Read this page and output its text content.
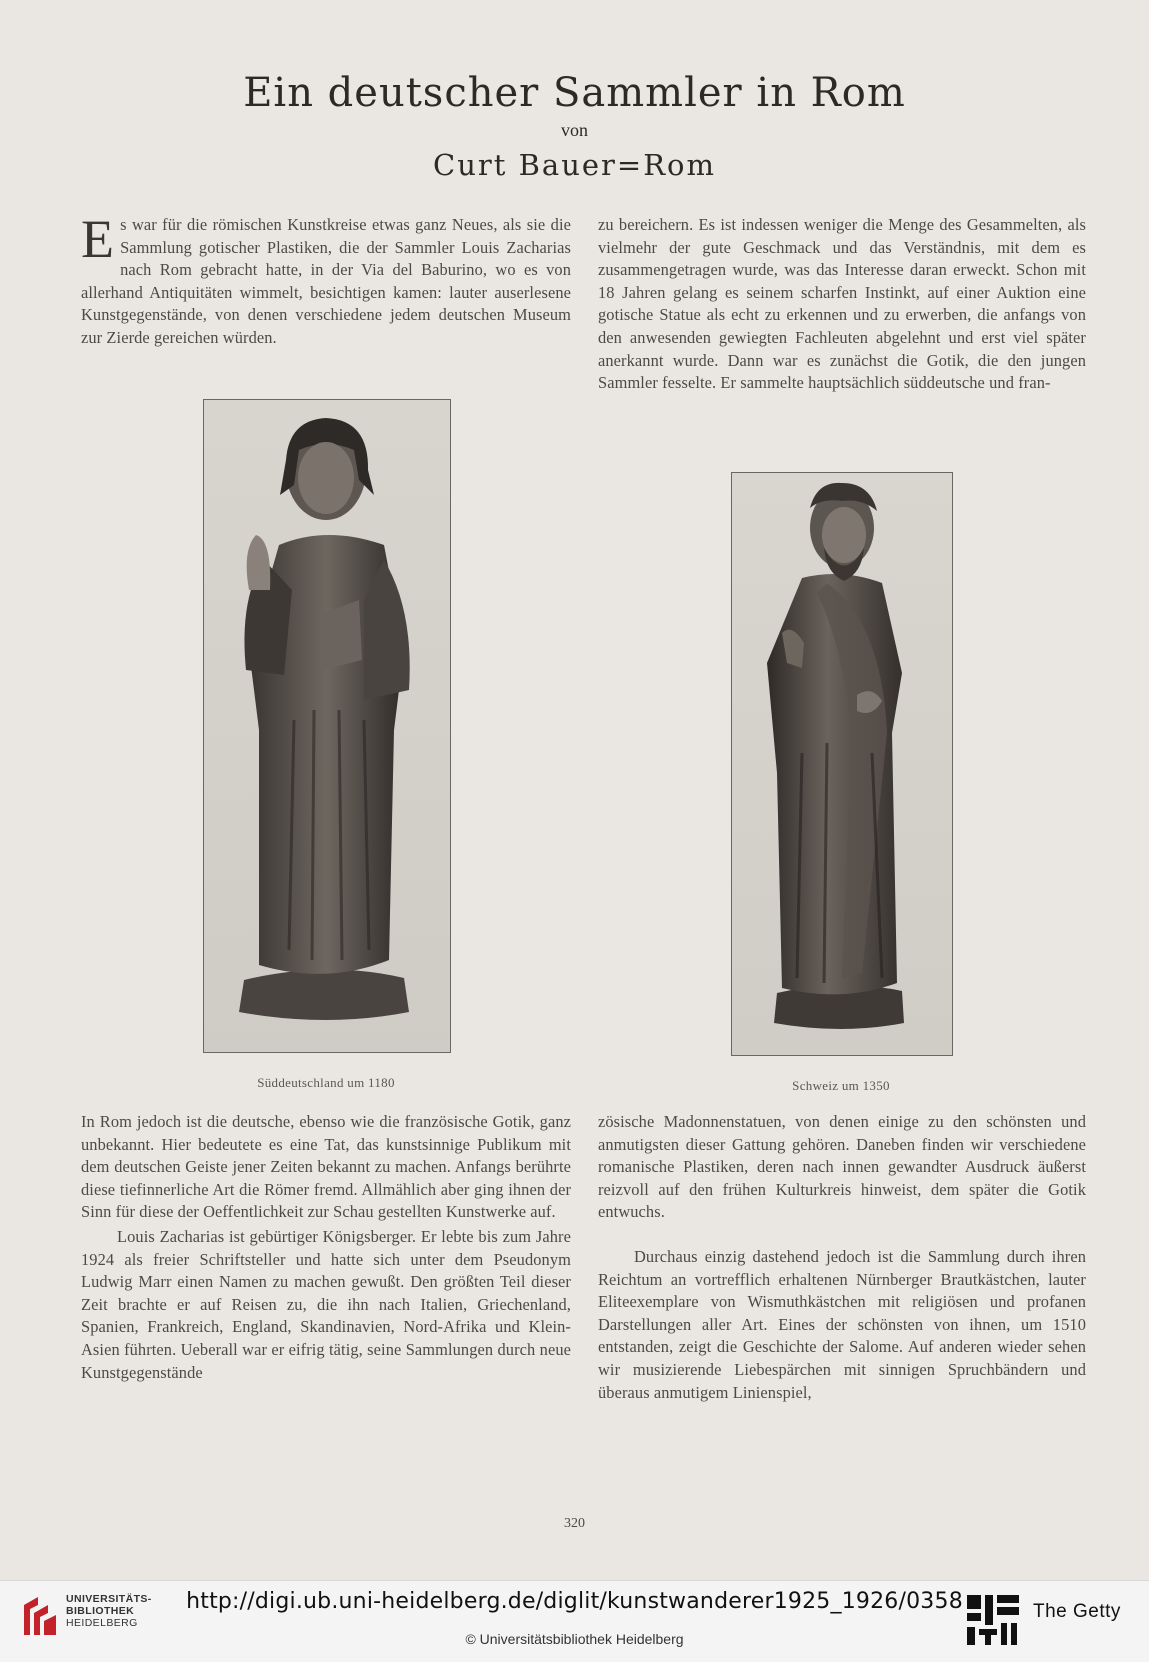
Ein deutscher Sammler in Rom
von
Curt Bauer=Rom

Es war für die römischen Kunstkreise etwas ganz Neues, als sie die Sammlung gotischer Plastiken, die der Sammler Louis Zacharias nach Rom gebracht hatte, in der Via del Baburino, wo es von allerhand Antiquitäten wimmelt, besichtigen kamen: lauter auserlesene Kunstgegenstände, von denen verschiedene jedem deutschen Museum zur Zierde gereichen würden.

zu bereichern. Es ist indessen weniger die Menge des Gesammelten, als vielmehr der gute Geschmack und das Verständnis, mit dem es zusammengetragen wurde, was das Interesse daran erweckt. Schon mit 18 Jahren gelang es seinem scharfen Instinkt, auf einer Auktion eine gotische Statue als echt zu erkennen und zu erwerben, die anfangs von den anwesenden gewiegten Fachleuten abgelehnt und erst viel später anerkannt wurde. Dann war es zunächst die Gotik, die den jungen Sammler fesselte. Er sammelte hauptsächlich süddeutsche und fran-

Süddeutschland um 1180	Schweiz um 1350

In Rom jedoch ist die deutsche, ebenso wie die französische Gotik, ganz unbekannt. Hier bedeutete es eine Tat, das kunstsinnige Publikum mit dem deutschen Geiste jener Zeiten bekannt zu machen. Anfangs berührte diese tiefinnerliche Art die Römer fremd. Allmählich aber ging ihnen der Sinn für diese der Oeffentlichkeit zur Schau gestellten Kunstwerke auf.

Louis Zacharias ist gebürtiger Königsberger. Er lebte bis zum Jahre 1924 als freier Schriftsteller und hatte sich unter dem Pseudonym Ludwig Marr einen Namen zu machen gewußt. Den größten Teil dieser Zeit brachte er auf Reisen zu, die ihn nach Italien, Griechenland, Spanien, Frankreich, England, Skandinavien, Nord-Afrika und Klein-Asien führten. Ueberall war er eifrig tätig, seine Sammlungen durch neue Kunstgegenstände

zösische Madonnenstatuen, von denen einige zu den schönsten und anmutigsten dieser Gattung gehören. Daneben finden wir verschiedene romanische Plastiken, deren nach innen gewandter Ausdruck äußerst reizvoll auf den frühen Kulturkreis hinweist, dem später die Gotik entwuchs.

Durchaus einzig dastehend jedoch ist die Sammlung durch ihren Reichtum an vortrefflich erhaltenen Nürnberger Brautkästchen, lauter Eliteexemplare von Wismuthkästchen mit religiösen und profanen Darstellungen aller Art. Eines der schönsten von ihnen, um 1510 entstanden, zeigt die Geschichte der Salome. Auf anderen wieder sehen wir musizierende Liebespärchen mit sinnigen Spruchbändern und überaus anmutigem Linienspiel,

320
UNIVERSITÄTS-
BIBLIOTHEK
HEIDELBERG
http://digi.ub.uni-heidelberg.de/diglit/kunstwanderer1925_1926/0358
© Universitätsbibliothek Heidelberg
The Getty
